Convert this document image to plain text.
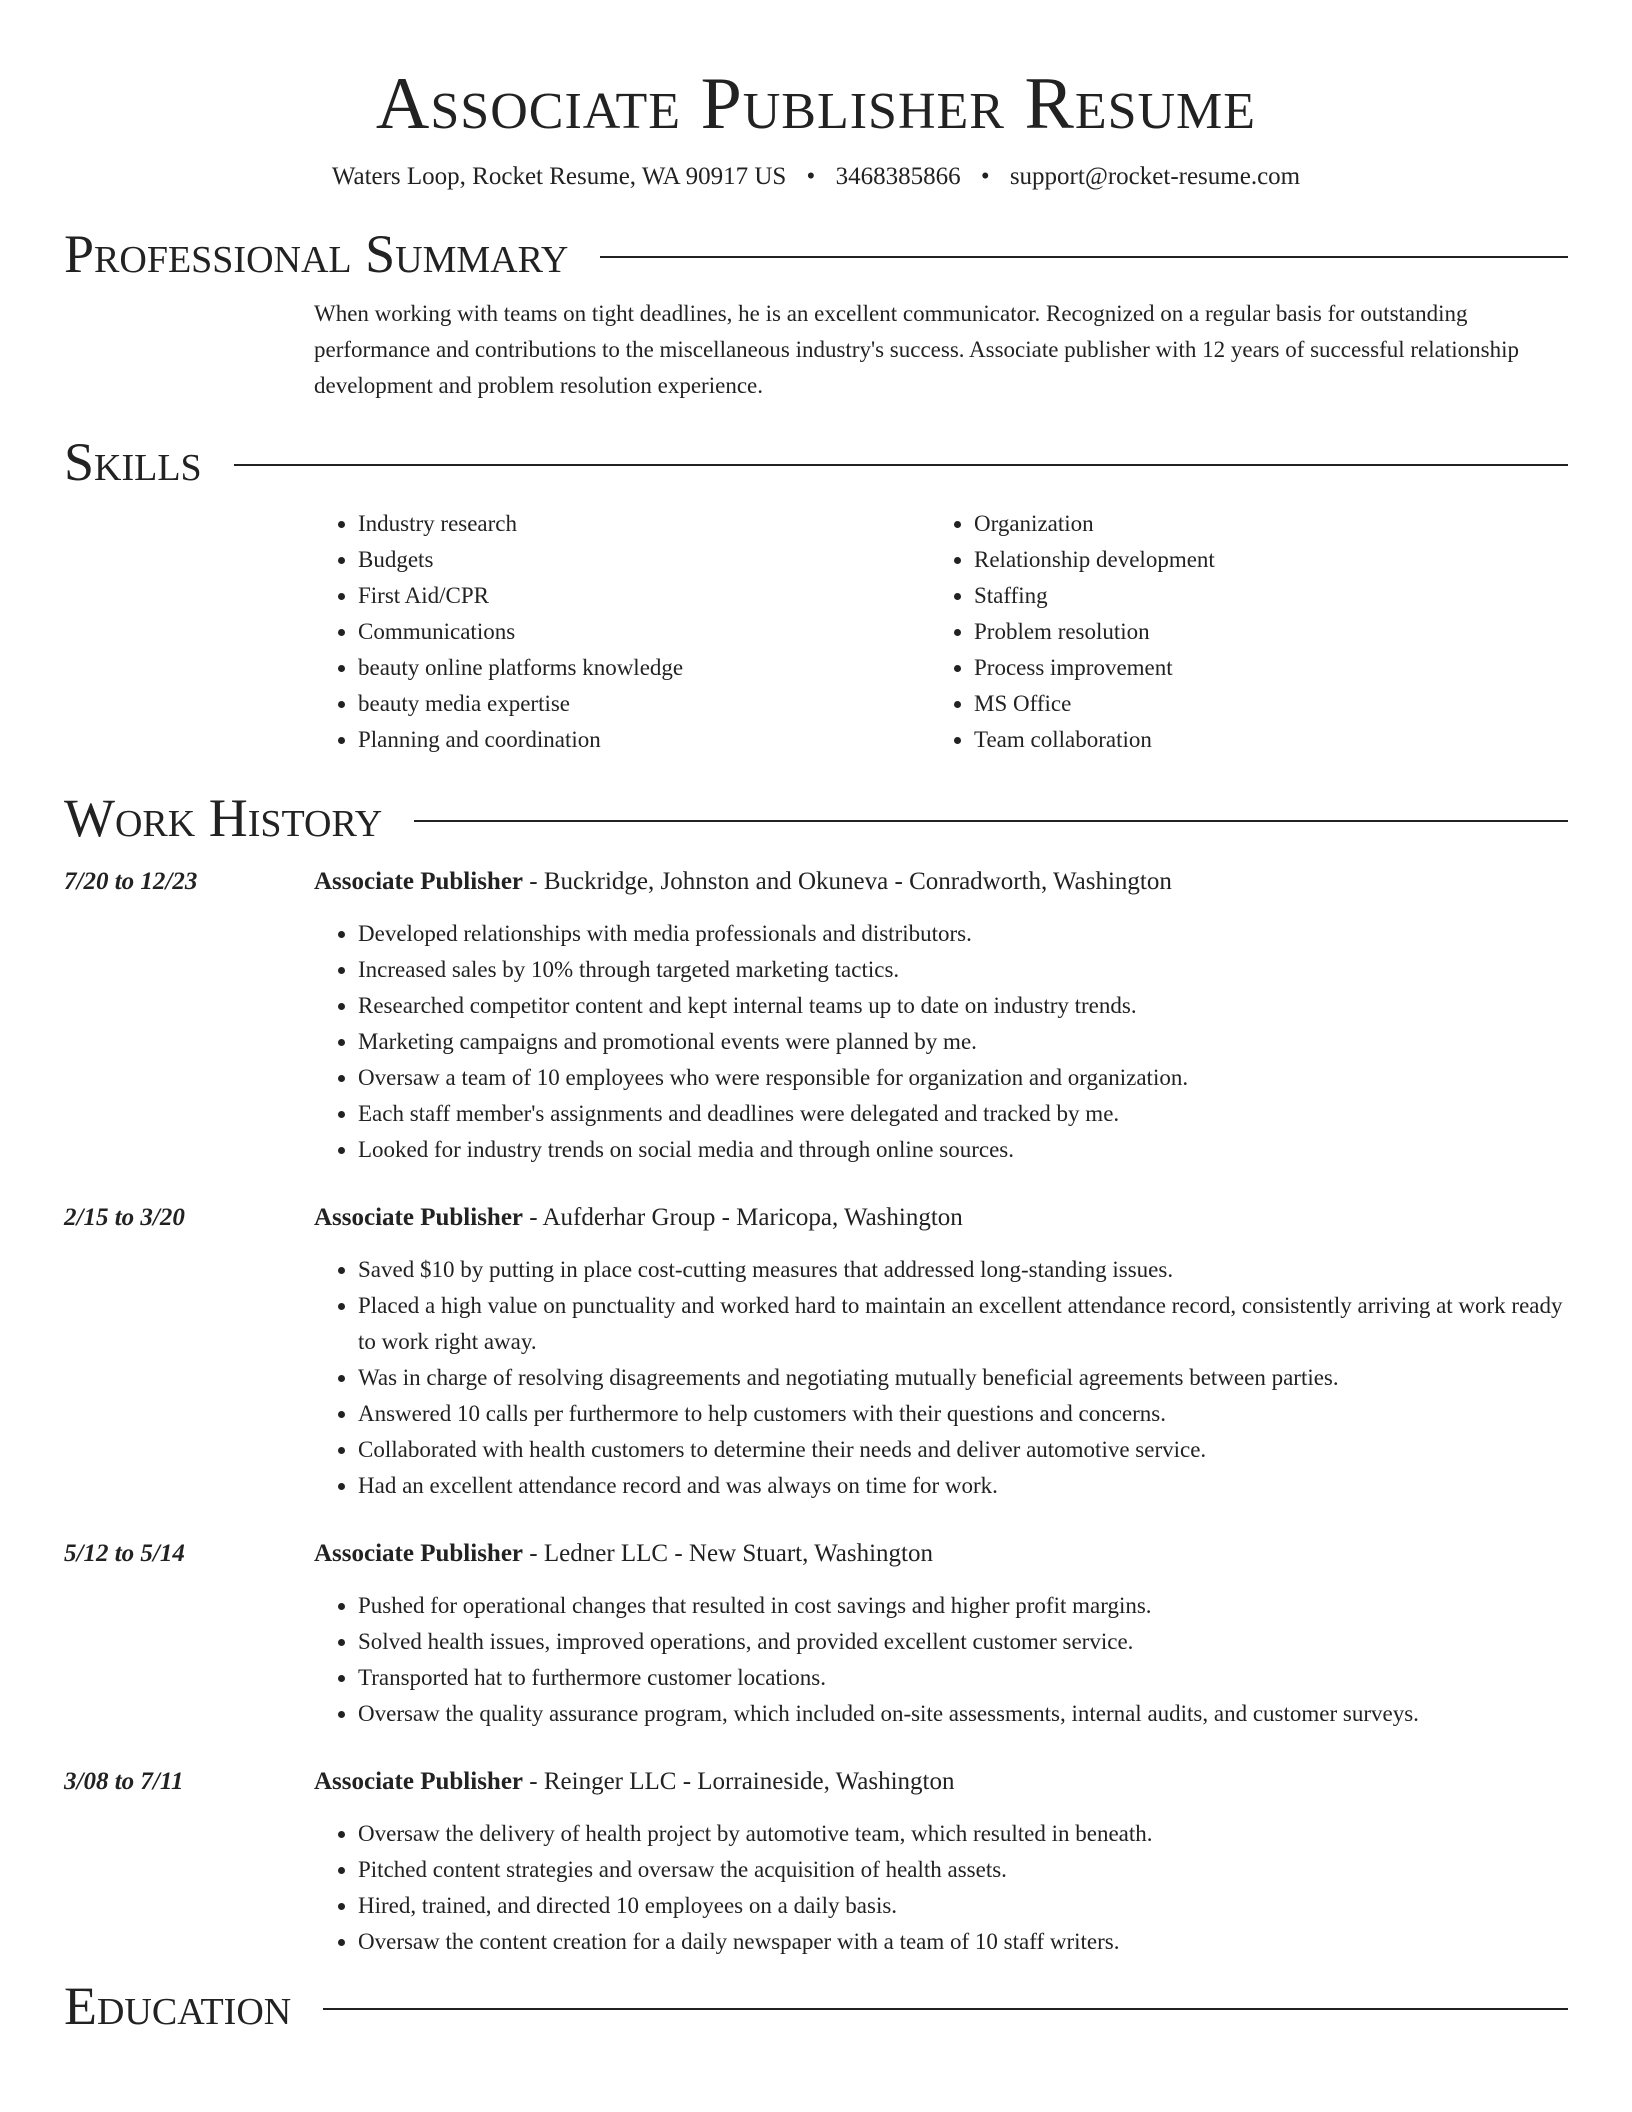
Associate Publisher Resume
Waters Loop, Rocket Resume, WA 90917 US • 3468385866 • support@rocket-resume.com
Professional Summary

When working with teams on tight deadlines, he is an excellent communicator. Recognized on a regular basis for outstanding performance and contributions to the miscellaneous industry's success. Associate publisher with 12 years of successful relationship development and problem resolution experience.

Skills
• Industry research
• Budgets
• First Aid/CPR
• Communications
• beauty online platforms knowledge
• beauty media expertise
• Planning and coordination
• Organization
• Relationship development
• Staffing
• Problem resolution
• Process improvement
• MS Office
• Team collaboration
Work History
7/20 to 12/23	Associate Publisher - Buckridge, Johnston and Okuneva - Conradworth, Washington
• Developed relationships with media professionals and distributors.
• Increased sales by 10% through targeted marketing tactics.
• Researched competitor content and kept internal teams up to date on industry trends.
• Marketing campaigns and promotional events were planned by me.
• Oversaw a team of 10 employees who were responsible for organization and organization.
• Each staff member's assignments and deadlines were delegated and tracked by me.
• Looked for industry trends on social media and through online sources.
2/15 to 3/20	Associate Publisher - Aufderhar Group - Maricopa, Washington
• Saved $10 by putting in place cost-cutting measures that addressed long-standing issues.
• Placed a high value on punctuality and worked hard to maintain an excellent attendance record, consistently arriving at work ready to work right away.
• Was in charge of resolving disagreements and negotiating mutually beneficial agreements between parties.
• Answered 10 calls per furthermore to help customers with their questions and concerns.
• Collaborated with health customers to determine their needs and deliver automotive service.
• Had an excellent attendance record and was always on time for work.
5/12 to 5/14	Associate Publisher - Ledner LLC - New Stuart, Washington
• Pushed for operational changes that resulted in cost savings and higher profit margins.
• Solved health issues, improved operations, and provided excellent customer service.
• Transported hat to furthermore customer locations.
• Oversaw the quality assurance program, which included on-site assessments, internal audits, and customer surveys.
3/08 to 7/11	Associate Publisher - Reinger LLC - Lorraineside, Washington
• Oversaw the delivery of health project by automotive team, which resulted in beneath.
• Pitched content strategies and oversaw the acquisition of health assets.
• Hired, trained, and directed 10 employees on a daily basis.
• Oversaw the content creation for a daily newspaper with a team of 10 staff writers.
Education
